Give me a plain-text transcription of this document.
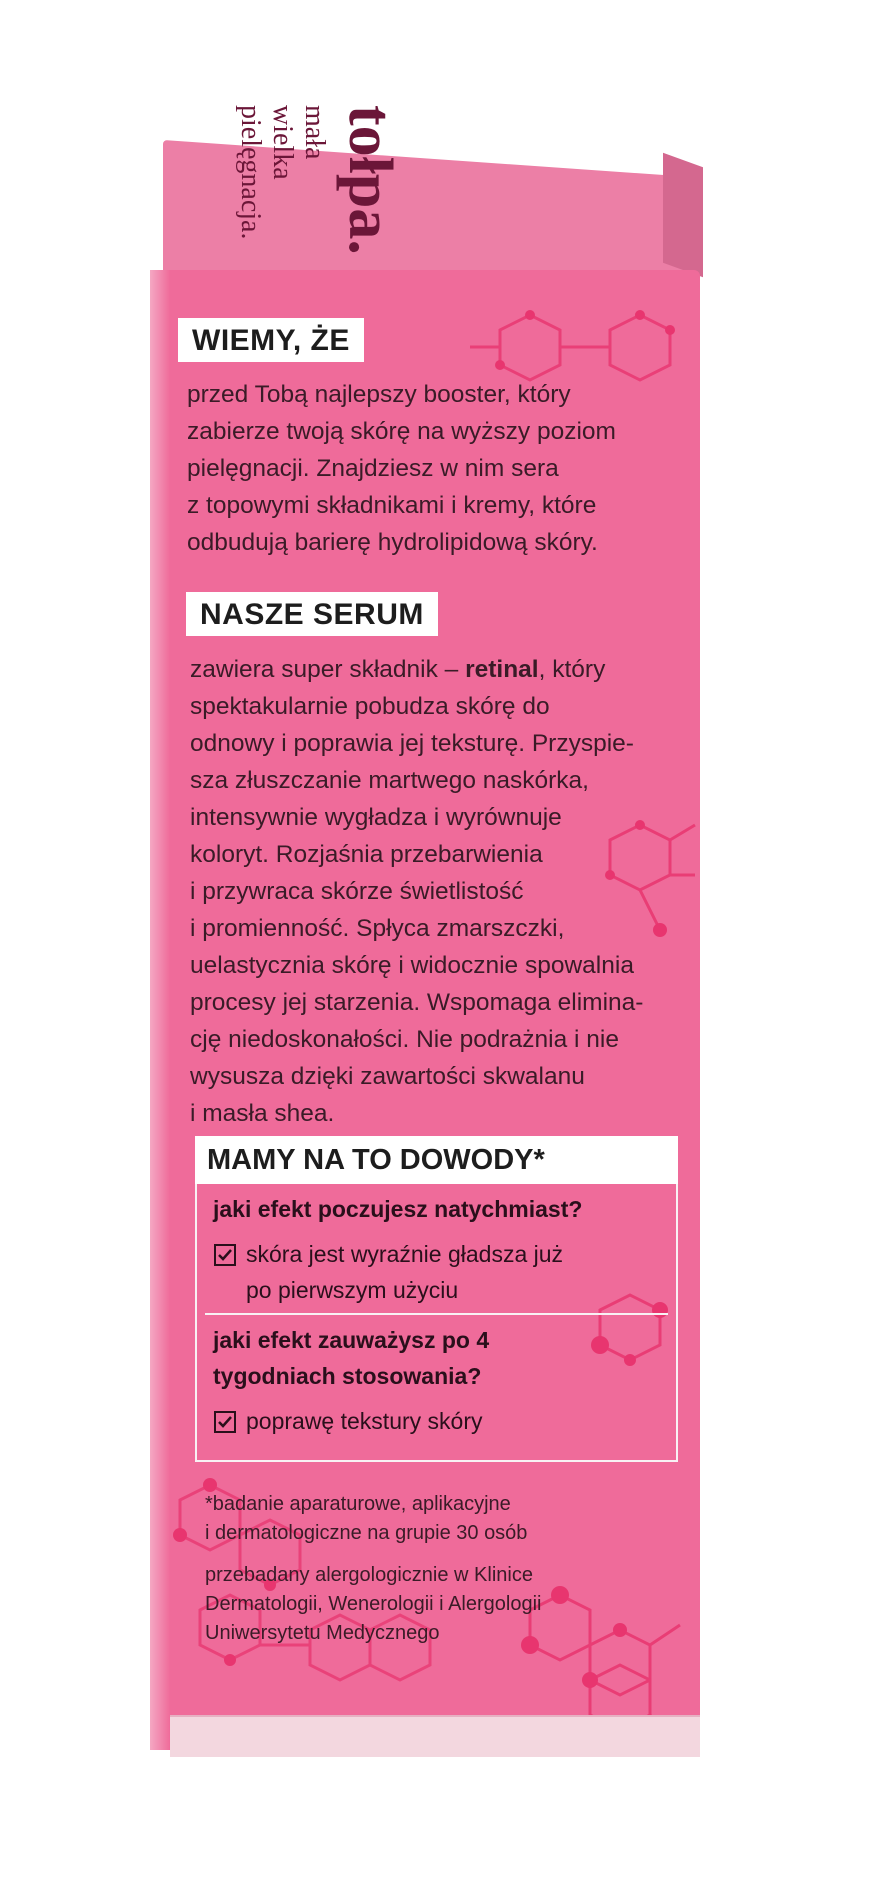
tołpa.
mała
wielka
pielęgnacja.
WIEMY, ŻE
przed Tobą najlepszy booster, który
zabierze twoją skórę na wyższy poziom
pielęgnacji. Znajdziesz w nim sera
z topowymi składnikami i kremy, które
odbudują barierę hydrolipidową skóry.
NASZE SERUM
zawiera super składnik – retinal, który
spektakularnie pobudza skórę do
odnowy i poprawia jej teksturę. Przyspie-
sza złuszczanie martwego naskórka,
intensywnie wygładza i wyrównuje
koloryt. Rozjaśnia przebarwienia
i przywraca skórze świetlistość
i promienność. Spłyca zmarszczki,
uelastycznia skórę i widocznie spowalnia
procesy jej starzenia. Wspomaga elimina-
cję niedoskonałości. Nie podrażnia i nie
wysusza dzięki zawartości skwalanu
i masła shea.
MAMY NA TO DOWODY*
jaki efekt poczujesz natychmiast?
skóra jest wyraźnie gładsza już
po pierwszym użyciu
jaki efekt zauważysz po 4
tygodniach stosowania?
poprawę tekstury skóry
*badanie aparaturowe, aplikacyjne
i dermatologiczne na grupie 30 osób
przebadany alergologicznie w Klinice
Dermatologii, Wenerologii i Alergologii
Uniwersytetu Medycznego
